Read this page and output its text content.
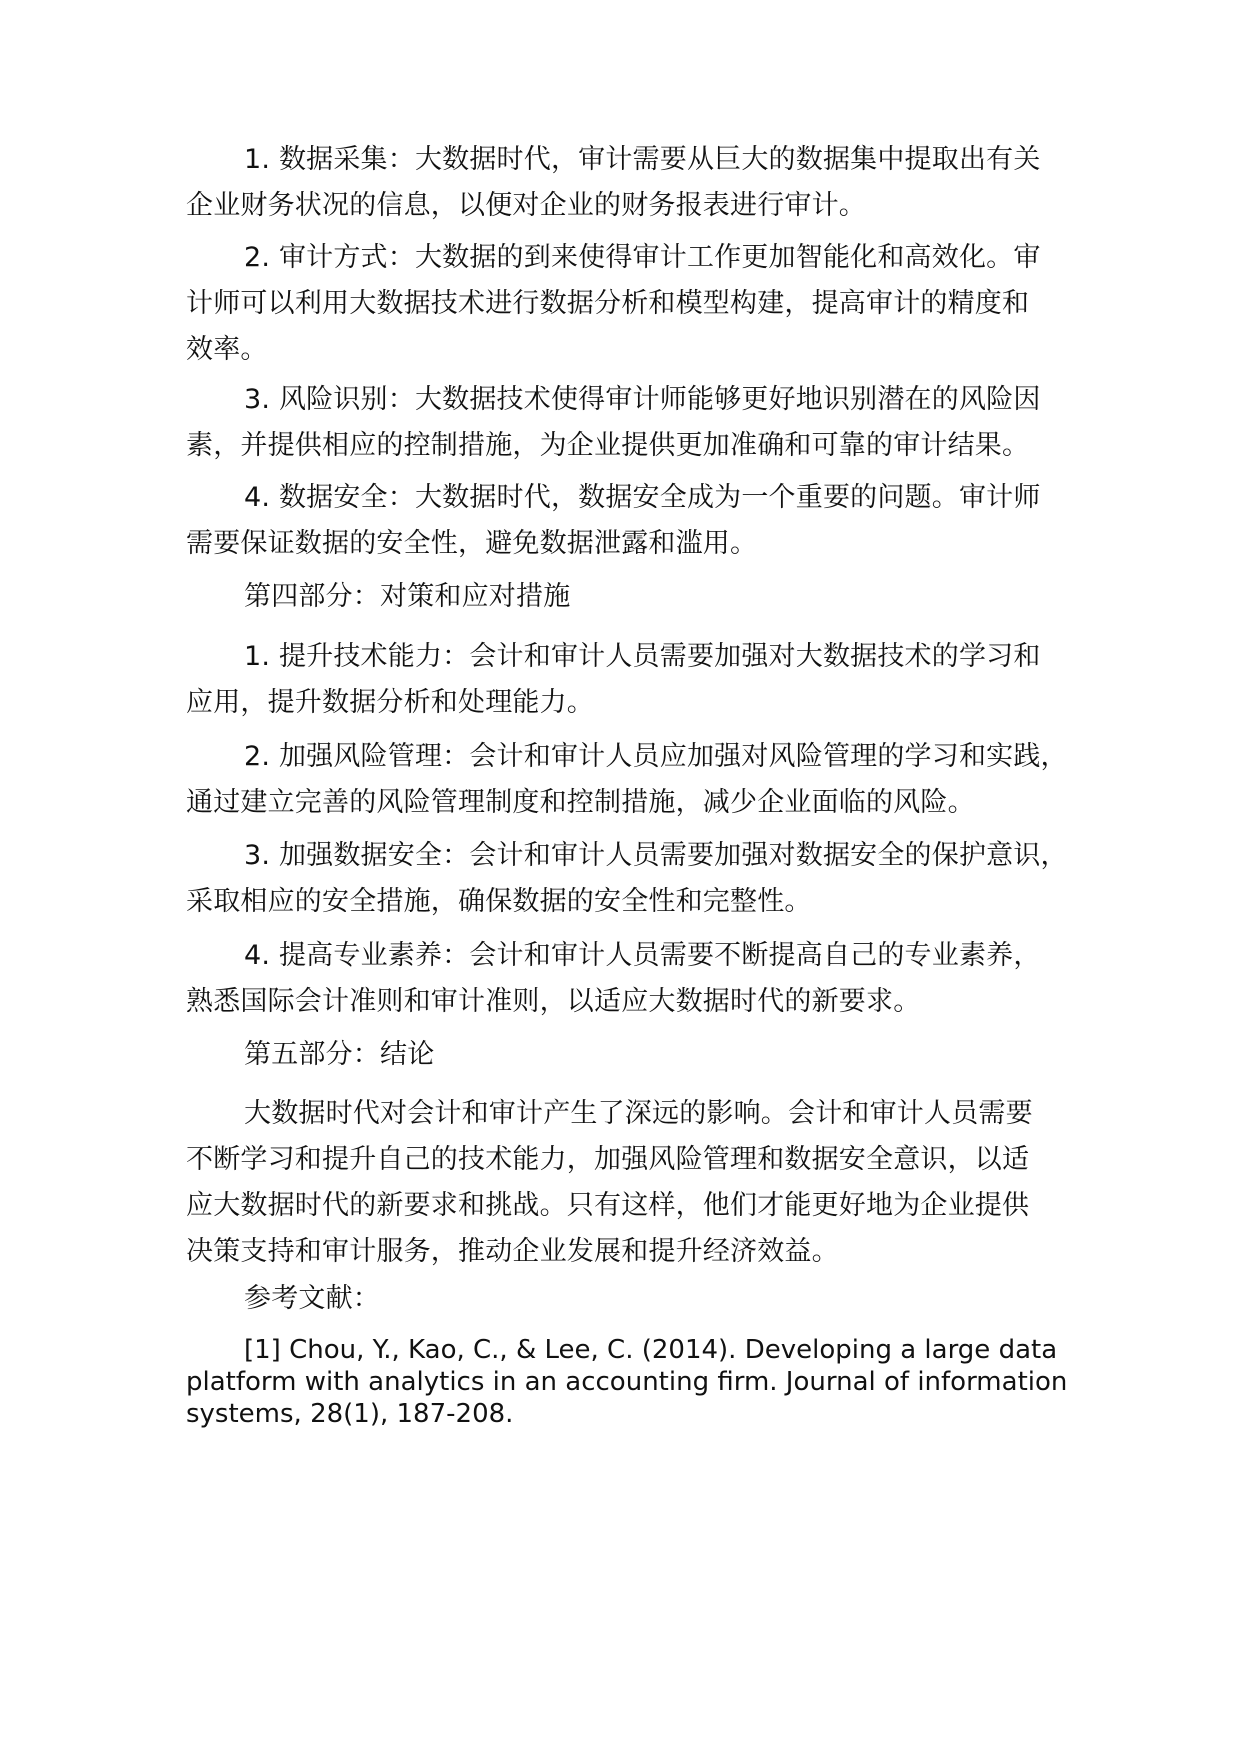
1. 数据采集：大数据时代，审计需要从巨大的数据集中提取出有关
企业财务状况的信息，以便对企业的财务报表进行审计。

2. 审计方式：大数据的到来使得审计工作更加智能化和高效化。审
计师可以利用大数据技术进行数据分析和模型构建，提高审计的精度和
效率。

3. 风险识别：大数据技术使得审计师能够更好地识别潜在的风险因
素，并提供相应的控制措施，为企业提供更加准确和可靠的审计结果。

4. 数据安全：大数据时代，数据安全成为一个重要的问题。审计师
需要保证数据的安全性，避免数据泄露和滥用。

第四部分：对策和应对措施

1. 提升技术能力：会计和审计人员需要加强对大数据技术的学习和
应用，提升数据分析和处理能力。

2. 加强风险管理：会计和审计人员应加强对风险管理的学习和实践，
通过建立完善的风险管理制度和控制措施，减少企业面临的风险。

3. 加强数据安全：会计和审计人员需要加强对数据安全的保护意识，
采取相应的安全措施，确保数据的安全性和完整性。

4. 提高专业素养：会计和审计人员需要不断提高自己的专业素养，
熟悉国际会计准则和审计准则，以适应大数据时代的新要求。

第五部分：结论

大数据时代对会计和审计产生了深远的影响。会计和审计人员需要
不断学习和提升自己的技术能力，加强风险管理和数据安全意识，以适
应大数据时代的新要求和挑战。只有这样，他们才能更好地为企业提供
决策支持和审计服务，推动企业发展和提升经济效益。

参考文献：

[1] Chou, Y., Kao, C., & Lee, C. (2014). Developing a large data
platform with analytics in an accounting firm. Journal of information
systems, 28(1), 187-208.
